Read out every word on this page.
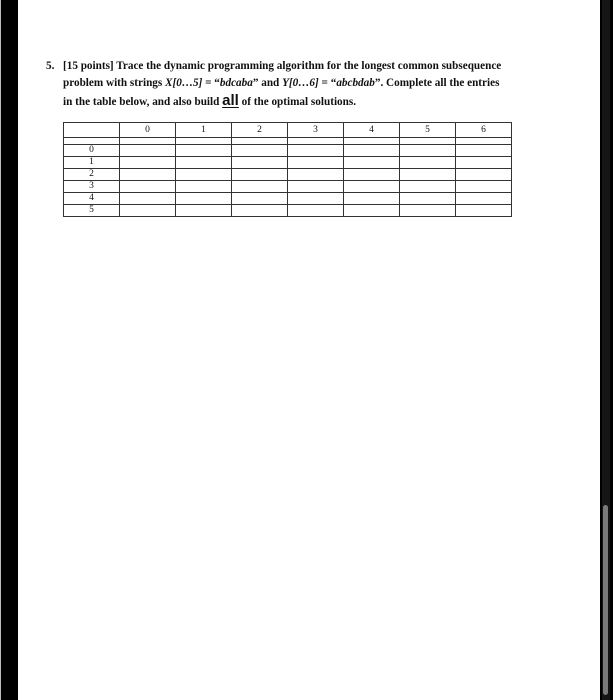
5. [15 points] Trace the dynamic programming algorithm for the longest common subsequence
problem with strings X[0…5] = “bdcaba” and Y[0…6] = “abcbdab”. Complete all the entries
in the table below, and also build all of the optimal solutions.
	0	1	2	3	4	5	6

0							
1							
2							
3							
4							
5							
